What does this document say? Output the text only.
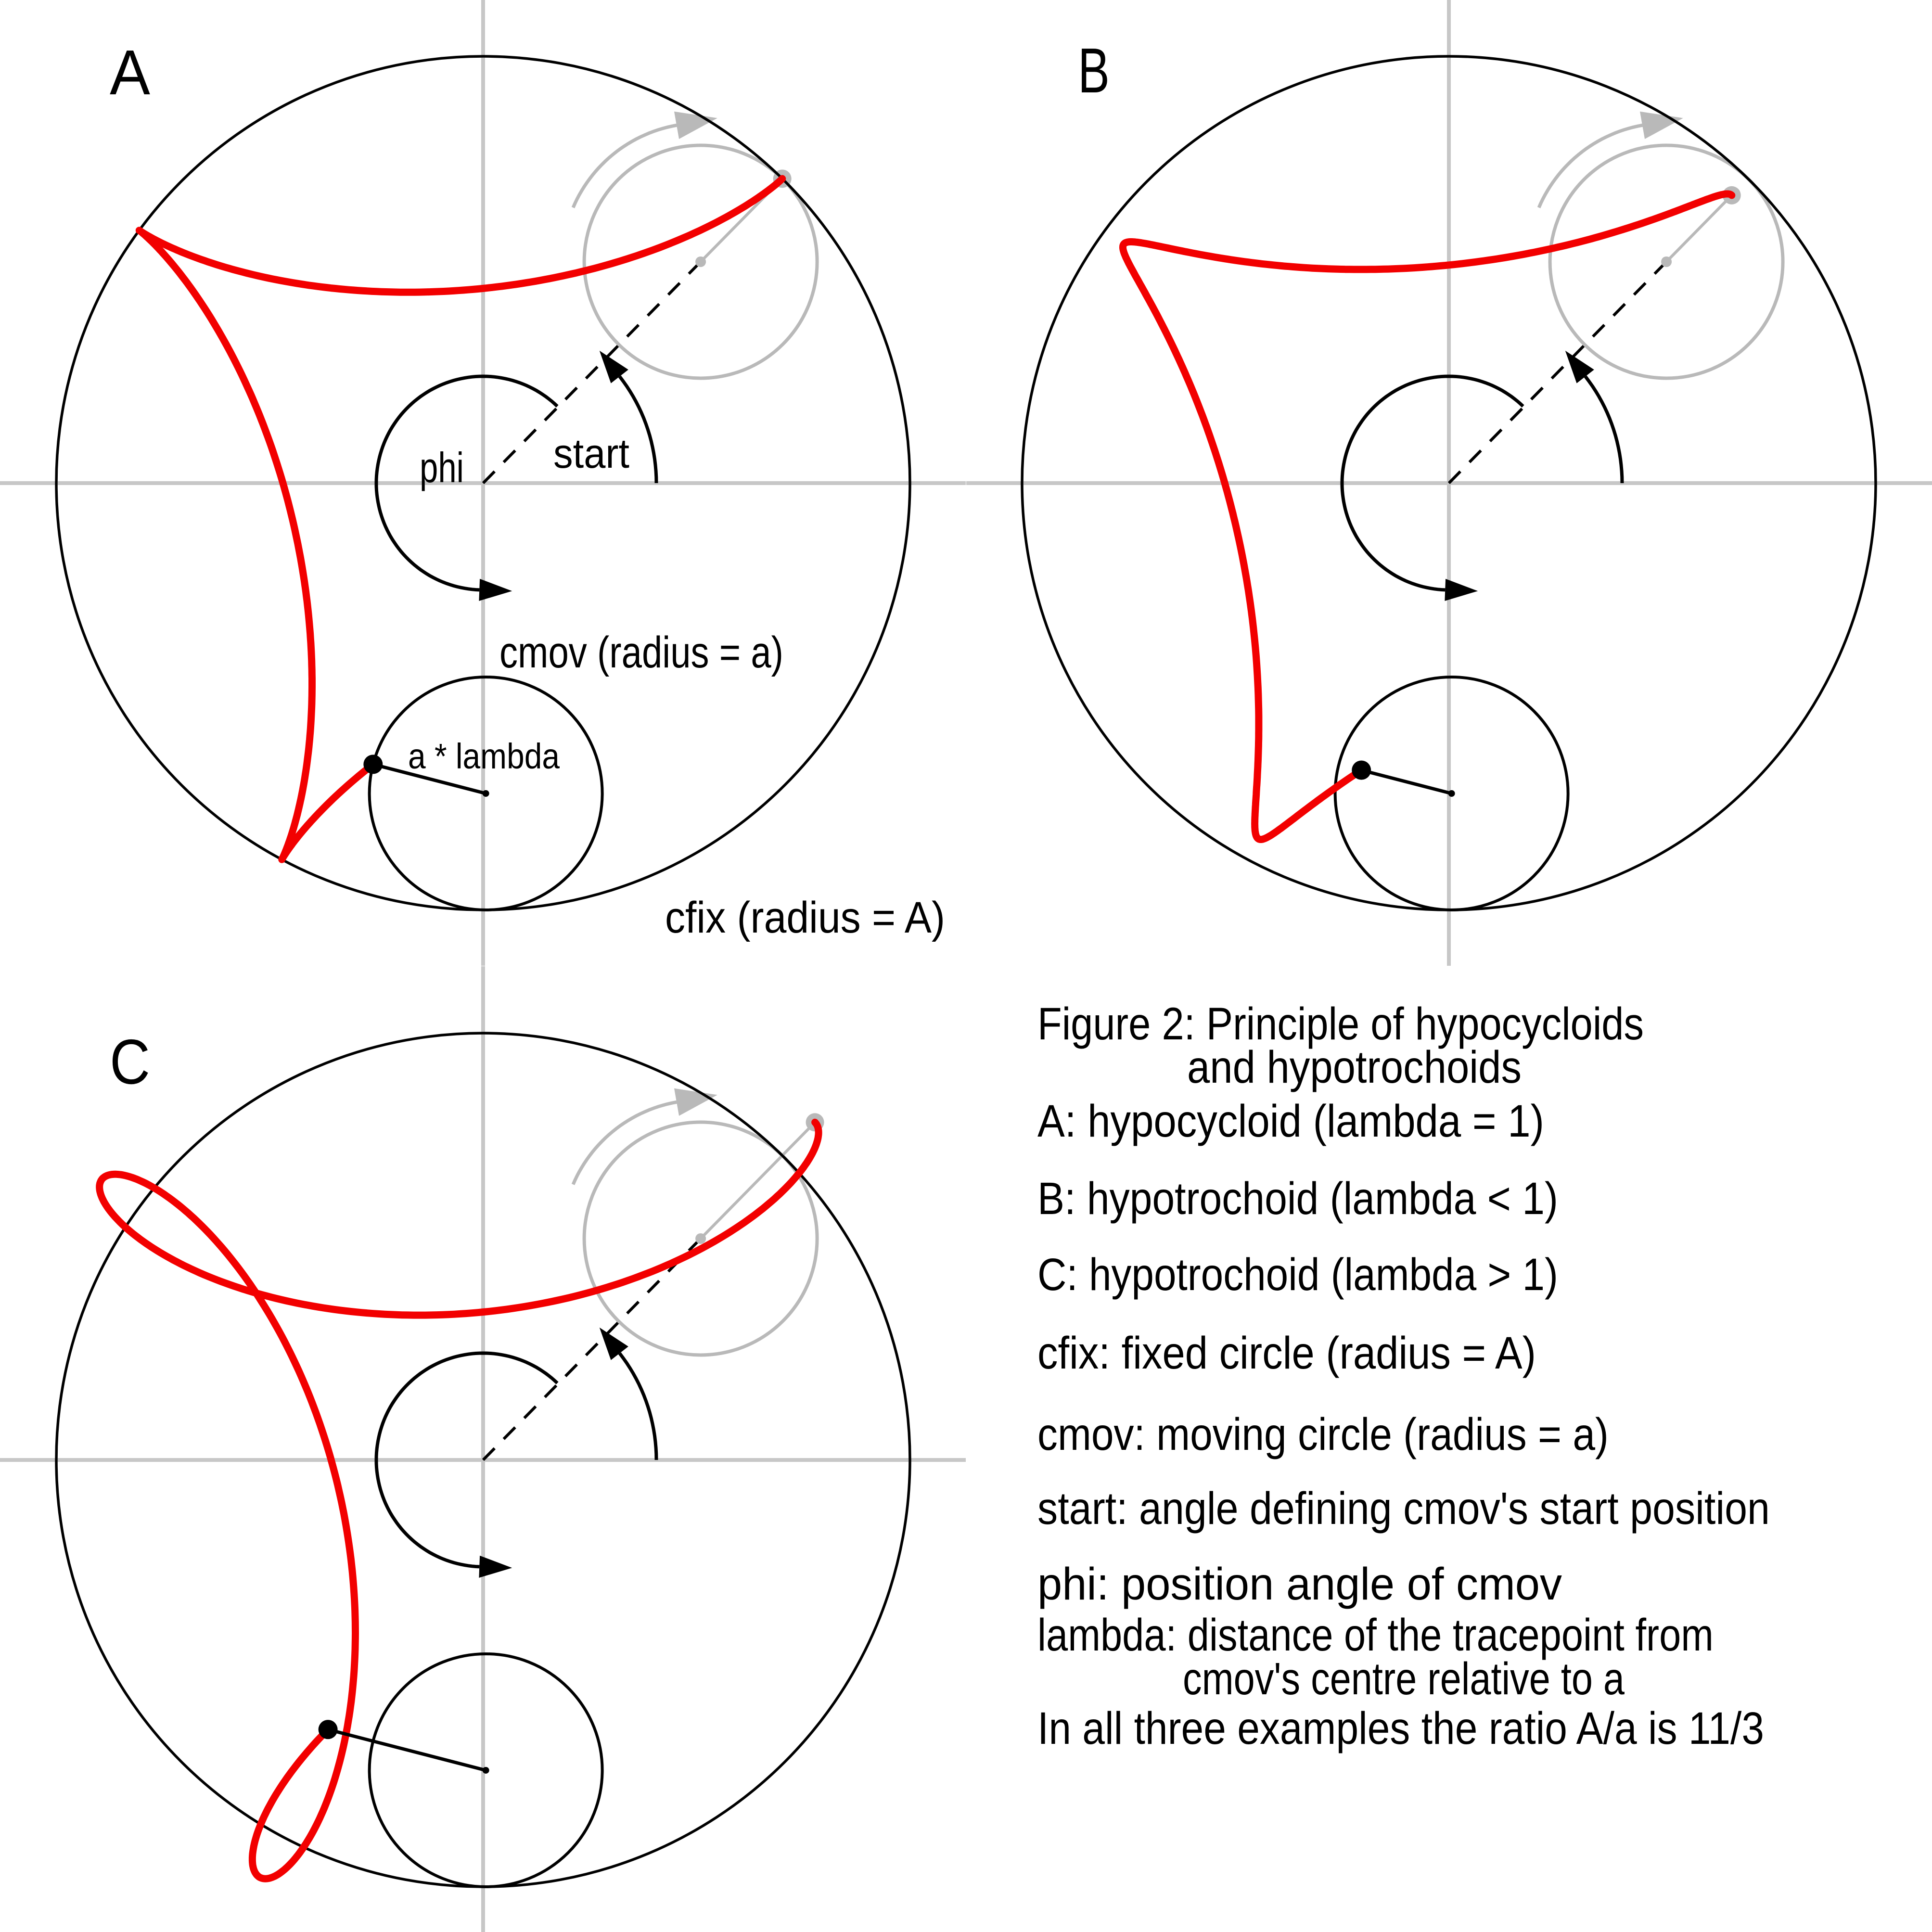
A	B
C
phi start
cmov (radius = a)
a * lambda
cfix (radius = A)
Figure 2: Principle of hypocycloids
and hypotrochoids
A: hypocycloid (lambda = 1)
B: hypotrochoid (lambda < 1)
C: hypotrochoid (lambda > 1)
cfix: fixed circle (radius = A)
cmov: moving circle (radius = a)
start: angle defining cmov's start position
phi: position angle of cmov
lambda: distance of the tracepoint from
cmov's centre relative to a
In all three examples the ratio A/a is 11/3
